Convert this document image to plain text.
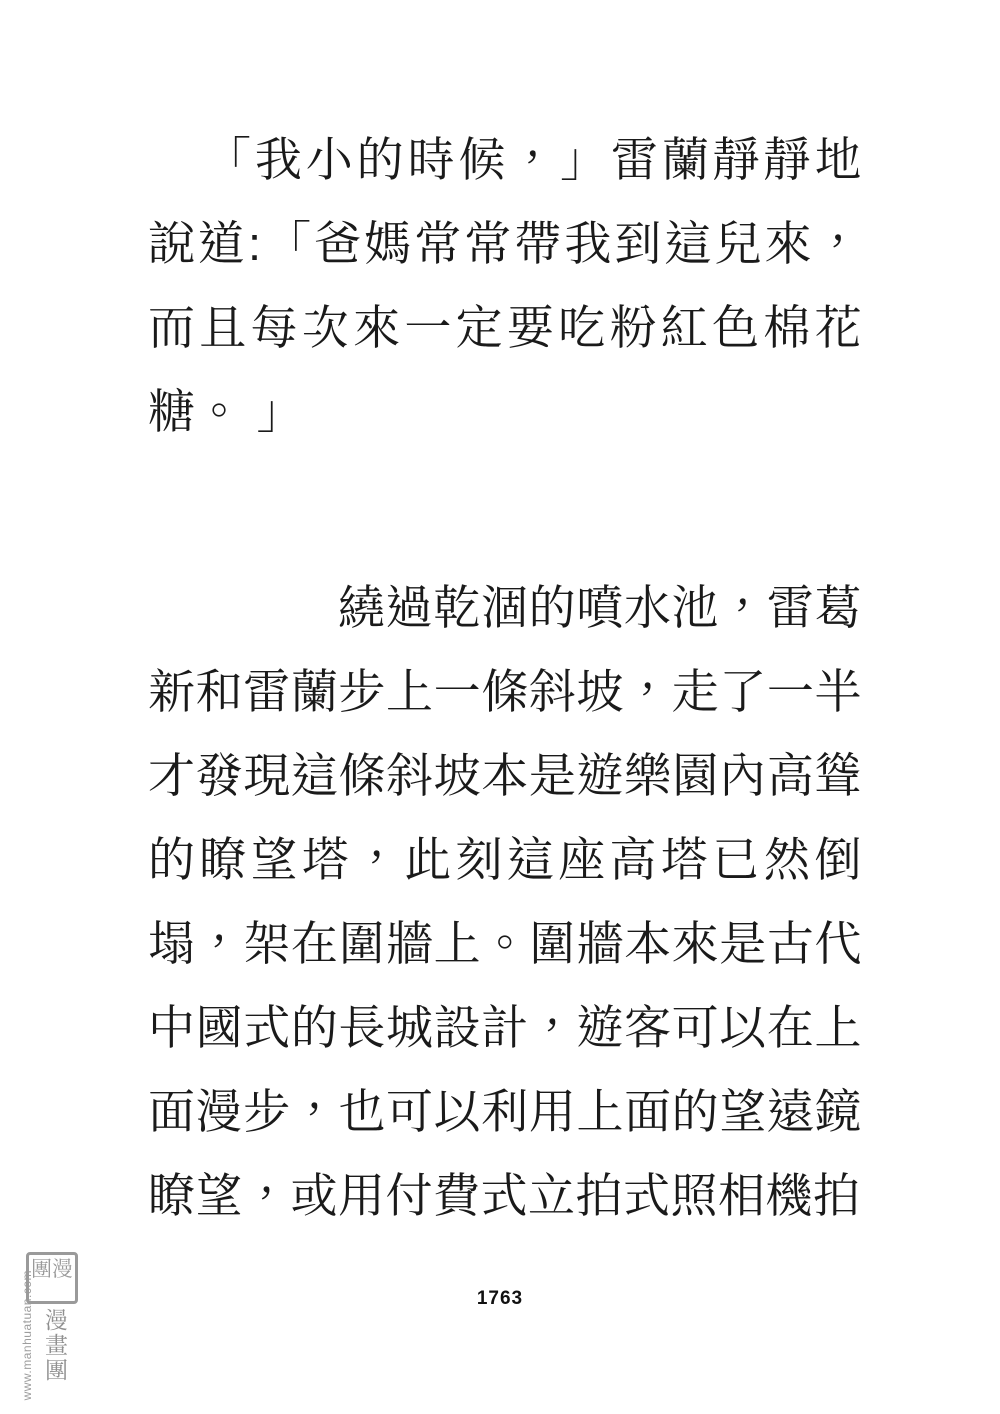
「我小的時候，」雷蘭靜靜地說道:「爸媽常常帶我到這兒來，而且每次來一定要吃粉紅色棉花糖。 」

繞過乾涸的噴水池，雷葛新和雷蘭步上一條斜坡，走了一半才發現這條斜坡本是遊樂園內高聳的瞭望塔，此刻這座高塔已然倒塌，架在圍牆上。圍牆本來是古代中國式的長城設計，遊客可以在上面漫步，也可以利用上面的望遠鏡瞭望，或用付費式立拍式照相機拍

1763
www.manhuatuan.com
團漫
漫畫團
